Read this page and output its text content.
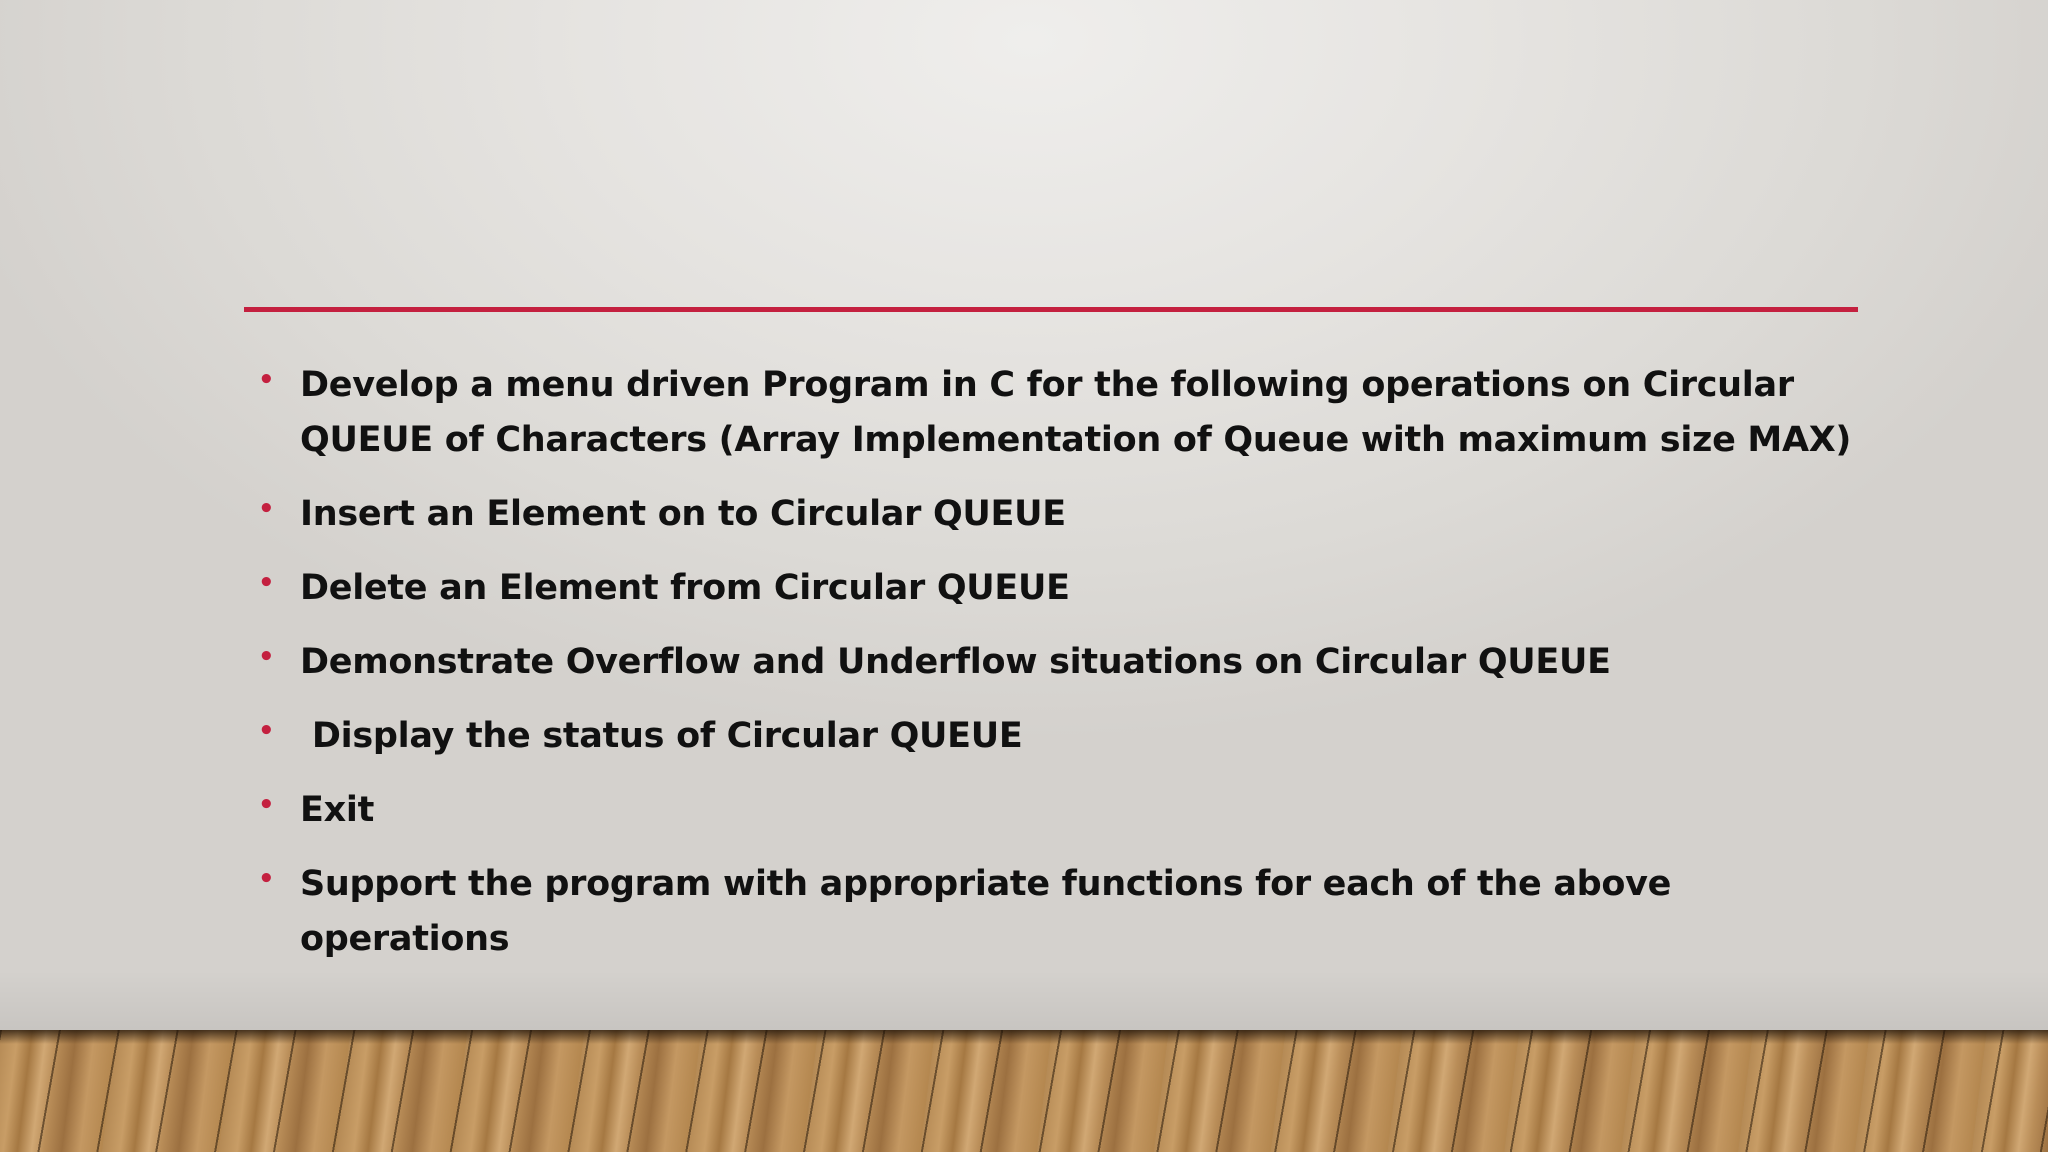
• Develop a menu driven Program in C for the following operations on Circular QUEUE of Characters (Array Implementation of Queue with maximum size MAX)
• Insert an Element on to Circular QUEUE
• Delete an Element from Circular QUEUE
• Demonstrate Overflow and Underflow situations on Circular QUEUE
• Display the status of Circular QUEUE
• Exit
• Support the program with appropriate functions for each of the above operations
